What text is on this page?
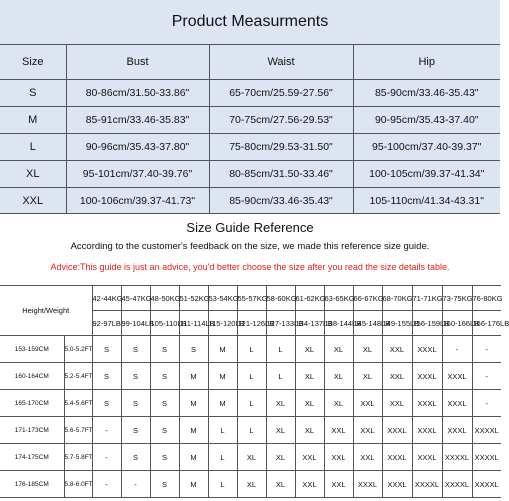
Product Measurments
Size	Bust	Waist	Hip
S	80-86cm/31.50-33.86"	65-70cm/25.59-27.56"	85-90cm/33.46-35.43"
M	85-91cm/33.46-35.83"	70-75cm/27.56-29.53"	90-95cm/35.43-37.40"
L	90-96cm/35.43-37.80"	75-80cm/29.53-31.50"	95-100cm/37.40-39.37"
XL	95-101cm/37.40-39.76"	80-85cm/31.50-33.46"	100-105cm/39.37-41.34"
XXL	100-106cm/39.37-41.73"	85-90cm/33.46-35.43"	105-110cm/41.34-43.31"
Size Guide Reference
According to the customer's feedback on the size, we made this reference size guide.
Advice:This guide is just an advice, you'd better choose the size after you read the size details table.
Height/Weight		42-44KG	45-47KG	48-50KG	51-52KG	53-54KG	55-57KG	58-60KG	61-62KG	63-65KG	66-67KG	68-70KG	71-71KG	73-75KG	76-80KG
		92-97LB	99-104LB	105-110LB	111-114LB	115-120LB	121-126LB	127-133LB	134-137LB	138-144LB	145-148LB	149-155LB	156-159LB	160-166LB	166-176LB
153-159CM	5.0-5.2FT	S	S	S	S	M	L	L	XL	XL	XL	XXL	XXXL	-	-
160-164CM	5.2-5.4FT	S	S	S	M	M	L	L	XL	XL	XL	XXL	XXXL	XXXL	-
165-170CM	5.4-5.6FT	S	S	S	M	M	L	XL	XL	XL	XXL	XXL	XXXL	XXXL	-
171-173CM	5.6-5.7FT	-	S	S	M	L	L	XL	XL	XXL	XXL	XXXL	XXXL	XXXL	XXXXL
174-175CM	5.7-5.8FT	-	S	S	M	L	XL	XL	XXL	XXL	XXL	XXXL	XXXL	XXXXL	XXXXL
176-185CM	5.8-6.0FT	-	-	S	M	L	XL	XL	XXL	XXL	XXXL	XXXL	XXXXL	XXXXL	XXXXL
